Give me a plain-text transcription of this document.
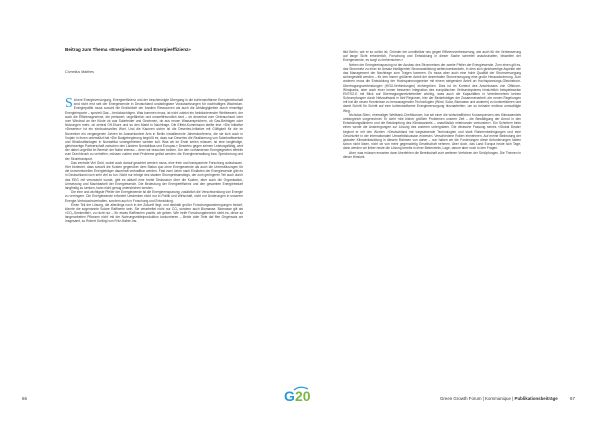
Beitrag zum Thema «Energiewende und Energieeffizienz»
Cornelius Matthes

Sichere Energieversorgung, Energieeffizienz und der beschleunigte Übergang in die kohlenstoffarme Energiewirtschaft sind nicht erst seit der Energiewende in Deutschland unabdingbare Voraussetzungen für nachhaltiges Wachstum. Energiepolitik muss sowohl die Endlichkeit der fossilen Ressourcen als auch die Abhängigkeiten durch einseitige Energieimporte – speziell Gas – berücksichtigen. Was kommen muss, ist nicht zuletzt ein funktionierender Wettbewerb, der auch die Effizienzgewinne, die preiswert, ungefährlich und umweltfreundlich sind – ob dezentral vom Gebrauchsort oder vom Windrad an der Küste ob aus Solarfelder und Gewinnen, ob aus neuen Wasserspeichern, ob Gas-Beiträgen oder Nutzungen mehr, ob zentral Off-Shore und so den Markt in Nachfrage. Die Effekt-Kommission stellte fest: «Die Initiative «Desertec» ist ein eindrucksvolles Wort. Und die Kaumen sicher ist die Desertec-Initiative mit Gültigkeit für die im November ein vergangenen Jahren im Ausserkontext Arm in Berlin installierende Jahreskonferenz, die sie sich auch in Vorjahr in ihnen unterstützt hat «Die Budgetregierung begrüßt es, dass nun Desertec die Realisierung von Solarkraftwerken und Windkraftanlagen in Nordafrika vorangetrieben werden soll. Was wir im Ende sehen müssen, ist eine langfristige, gleichwertige Partnerschaft zwischen den Ländern Nordafrikas und Europas.» Desertec gegen seinem Leistungsfähig, wird der dabei ungelöst im Bereich der Nabe ebenso – denn wir brauchen beiden. Um den vorhandenen Energiegewinn effektiv zum Durchbruch zu verhelfen, müssen zudem zwei Probleme gelöst werden: die Energieverwaltung bzw. Speicherung und der Stromtransport.

Das zentrale Viel Geld, wobei auch darauf geachtet werden muss, eine freie und transparente Forschung aufzubauen. Hier bedeutet, dass sowohl die Kosten gegenüber dem Status quo ohne Energiewende als auch die Unterstützungen für die konventionellen Energieträger dauerhaft verkraftbar werden. Fast zwei Jahre nach Einläuten der Energiewende gibt es in Deutschland noch sehr viel zu tun. Nicht nur infolge des starken Strompreisanstiegs, der zum geringeren Teil auch durch das EEG mit verursacht wurde, gibt es aktuell eine breite Diskussion über die Kosten, aber auch die Organisation, Umsetzung und Machbarkeit der Energiewende. Die Bedeutung der Energieeffizienz und den gesamten Energiebedarf langfristig zu senken, kann nicht genug unterstrichen werden.

Die eine und wichtigste Pfeiler der Energiewende ist die Energieeinsparung; zusätzlich die Verschwendung von Energie zu verringern. Die Energiewende erfordert Umdenken nicht nur in Politik und Wirtschaft, nicht nur Änderungen in unserem Energie-Verbrauchsverhalten, sondern auch in Forschung und Entwicklung.

Einen Teil der Lösung, die allerdings noch in der Zukunft liegt, und deshalb großer Forschungsanstrengungen bedarf, könnte die sogenannte Solare Raffinerie sein. Sie verarbeitet nicht nur CO₂ sondern auch Biomasse. Biomasse gilt als «CO₂-Senkmittel», zu nicht nur – für etwas Raffinerien positiv, wir geben. Wie helfe Forschungsbereich sieht es, diese so langerarbeiten Pflanzen nicht mit der Nahrungsmittelproduktion konkurrieren – Beide oder Teile daf ffen Gegensatz wir Insgesamt, so Robert Schlögl von Fritz-Haber-Ins-

66

titut Berlin, wie er so schön ist, Gründer der unmittelbar neu gegen Effizienzverbesserung, wie auch für die Verbesserung auf lange Sicht erforderlich, Forschung und Entwicklung in dieser Sache schreitet unaufzuhalten, bisweilen der Energiewende, es sorgt zu beherrschen.»

Neben der Energieeinsparung ist der Ausbau des Stromnetzes der zweite Pfeiler der Energiewende. Zum einen gilt es, das Stromnetz zu einer im Ansatz intelligenten Stromausbildung weiterzuentwickeln, in dem sich gleichwertige Aspekte wie das Management der Nachfrage zum Tragen kommen. Es muss aber auch eine hohe Qualität der Stromversorgung sichergestellt werden – für den immer größeren Anteil der dezentralen Stromerzeugung eine große Herausforderung. Zum anderen muss die Entwicklung der Hochspannungsnetze mit einem steigenden Anteil an Hochspannungs-Gleichstrom-Übertragungsverbindungen (HGÜ-Verbindungen) einhergehen. Dies ist im Kontext des Anschlusses von Offshore-Windparks, aber auch einer immer besseren Integration des europäischen Verbundsystems hinsichtlich beispielsweise ENTSO-E mit Blick auf Übertragungsnetzbetreiber wichtig, dass auch die Kapazitäten in Verteilernetzen keinen Schrumpfungen durch Netzaufwand in fünf Regionen, hier der Bedarfsträger der Zusammenarbeit, der neuen Regelungen mit hat die neuen Kenntnisse zu herausragenden Technologien (Wind, Solar, Biomasse und anderen) zu konkretisieren und damit Schritt für Schritt auf eine kohlenstoffarme Energieversorgung hinzuarbeiten, um so beinahe endlose unmuditigte Weg.

Nicholas Stern, ehemaliger Weltbank-Chefökonom, hat sei einer die wirtschaftlichen Konsequenzen des Klimawandels umfangreich vorgerechnet. Er sieht «die bisher größten Problemen unserer Zeit – die Bewältigung der Armut in den Entwicklungsländern und die Bekämpfung des Klimawandels – unauflöslich miteinander verbunden». Ein Scheitern beim einen werde die Anstrengungen zur Lösung des anderen untergraben. Die deutsche Fassung seines «Global Deals» beginnt er mit den Worten: «Deutschland hat wegweisende Technologien und stark Rahmenbedingungen und eine Geschichte in der internationalen Umweltdiskussion erwiesen. Verschiedene Rollen einnehmen. Auf meine Bedeutung der globalen Klimaentwicklung in diesem Rahmen von daher – nun haben wir die Forderungen diese Anforderungen haben schon nicht lösen, nicht ob von mehr gegenwärtig Gesellschaft nehmen. Aber doch, das Land Europa heute sich Tage, dann werden wir lieber heute die Lösung bereits in einer Bekenntnis, Lage, darum aber noch in den Fragen.

Aber, was müssen erwarten dann überfehlen die Bereitschaft zum weiteren Verfahren der Schöpfungen. Die Themen in dieser Hinsicht.

Green Growth Forum | Kommunique | Publikationsbeiträge	67
G 20
